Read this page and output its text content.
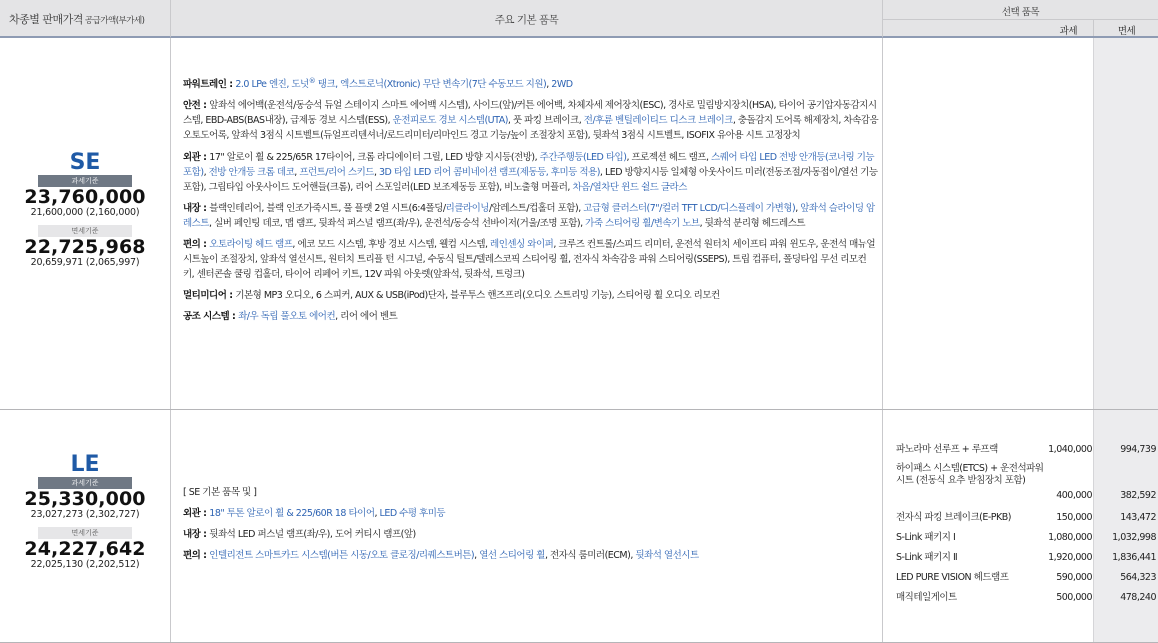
차종별 판매가격 공급가액(부가세)	주요 기본 품목
선택 품목
과세	면세
SE
과세기준
23,760,000
21,600,000 (2,160,000)
면세기준
22,725,968
20,659,971 (2,065,997)
파워트레인 : 2.0 LPe 엔진, 도넛® 탱크, 엑스트로닉(Xtronic) 무단 변속기(7단 수동모드 지원), 2WD
안전 : 앞좌석 에어백(운전석/동승석 듀얼 스테이지 스마트 에어백 시스템), 사이드(앞)/커튼 에어백, 차체자세 제어장치(ESC), 경사로 밀림방지장치(HSA), 타이어 공기압자동감지시스템, EBD-ABS(BAS내장), 급제동 경보 시스템(ESS), 운전피로도 경보 시스템(UTA), 풋 파킹 브레이크, 전/후륜 벤틸레이티드 디스크 브레이크, 충돌감지 도어록 해제장치, 차속감응 오토도어록, 앞좌석 3점식 시트벨트(듀얼프리텐셔너/로드리미터/리마인드 경고 기능/높이 조절장치 포함), 뒷좌석 3점식 시트벨트, ISOFIX 유아용 시트 고정장치
외관 : 17" 알로이 휠 & 225/65R 17타이어, 크롬 라디에이터 그릴, LED 방향 지시등(전방), 주간주행등(LED 타입), 프로젝션 헤드 램프, 스퀘어 타입 LED 전방 안개등(코너링 기능 포함), 전방 안개등 크롬 데코, 프런트/리어 스키드, 3D 타입 LED 리어 콤비네이션 램프(제동등, 후미등 적용), LED 방향지시등 일체형 아웃사이드 미러(전동조절/자동접이/열선 기능 포함), 그립타입 아웃사이드 도어핸들(크롬), 리어 스포일러(LED 보조제동등 포함), 비노출형 머플러, 차음/열차단 윈드 쉴드 글라스
내장 : 블랙인테리어, 블랙 인조가죽시트, 풀 플랫 2열 시트(6:4폴딩/리클라이닝/암레스트/컵홀더 포함), 고급형 클러스터(7"/컬러 TFT LCD/디스플레이 가변형), 앞좌석 슬라이딩 암레스트, 실버 페인팅 데코, 맵 램프, 뒷좌석 퍼스널 램프(좌/우), 운전석/동승석 선바이저(거울/조명 포함), 가죽 스티어링 휠/변속기 노브, 뒷좌석 분리형 헤드레스트
편의 : 오토라이팅 헤드 램프, 에코 모드 시스템, 후방 경보 시스템, 웰컴 시스템, 레인센싱 와이퍼, 크루즈 컨트롤/스피드 리미터, 운전석 원터치 세이프티 파워 윈도우, 운전석 매뉴얼 시트높이 조절장치, 앞좌석 열선시트, 원터치 트리플 턴 시그널, 수동식 틸트/텔레스코픽 스티어링 휠, 전자식 차속감응 파워 스티어링(SSEPS), 트립 컴퓨터, 폴딩타입 무선 리모컨 키, 센터콘솔 쿨링 컵홀더, 타이어 리페어 키트, 12V 파워 아웃렛(앞좌석, 뒷좌석, 트렁크)
멀티미디어 : 기본형 MP3 오디오, 6 스피커, AUX & USB(iPod)단자, 블루투스 핸즈프리(오디오 스트리밍 기능), 스티어링 휠 오디오 리모컨
공조 시스템 : 좌/우 독립 풀오토 에어컨, 리어 에어 벤트
LE
과세기준
25,330,000
23,027,273 (2,302,727)
면세기준
24,227,642
22,025,130 (2,202,512)
[ SE 기본 품목 및 ]
외관 : 18" 투톤 알로이 휠 & 225/60R 18 타이어, LED 수평 후미등
내장 : 뒷좌석 LED 퍼스널 램프(좌/우), 도어 커티시 램프(앞)
편의 : 인텔리전트 스마트카드 시스템(버튼 시동/오토 클로징/리퀘스트버튼), 열선 스티어링 휠, 전자식 룸미러(ECM), 뒷좌석 열선시트
파노라마 선루프 + 루프랙	1,040,000	994,739
하이패스 시스템(ETCS) + 운전석파워시트 (전동식 요추 받침장치 포함)
400,000	382,592
전자식 파킹 브레이크(E-PKB)	150,000	143,472
S-Link 패키지 Ⅰ	1,080,000	1,032,998
S-Link 패키지 Ⅱ	1,920,000	1,836,441
LED PURE VISION 헤드램프	590,000	564,323
매직테일게이트	500,000	478,240
